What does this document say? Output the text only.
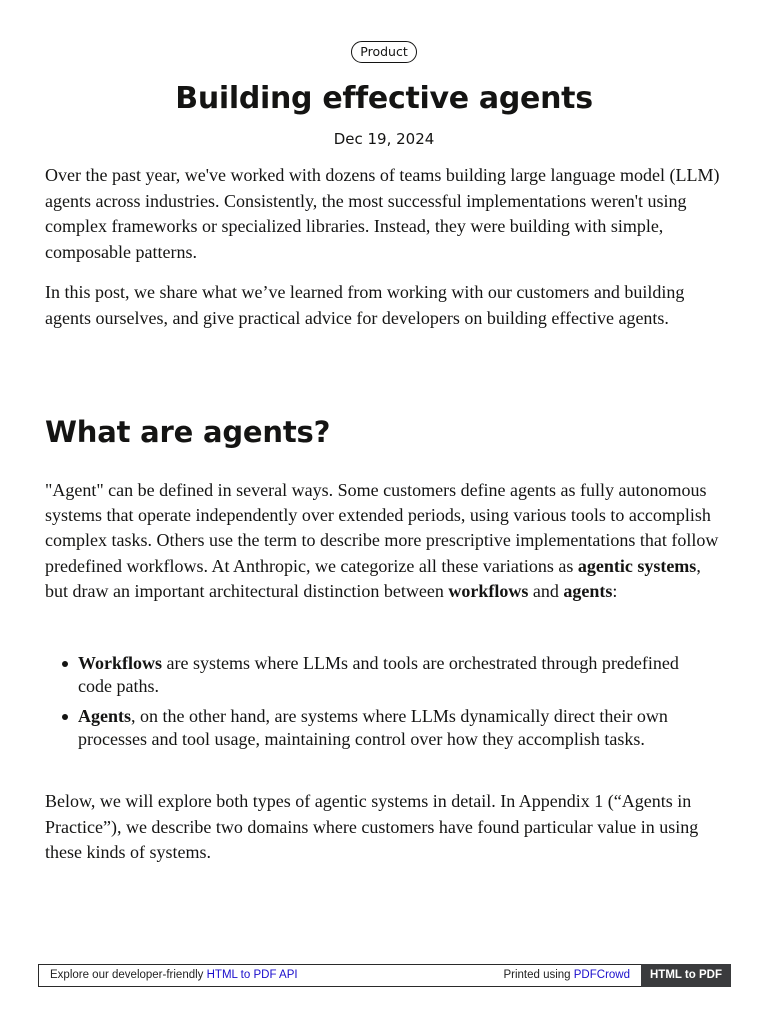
Product
Building effective agents
Dec 19, 2024

Over the past year, we've worked with dozens of teams building large language model (LLM) agents across industries. Consistently, the most successful implementations weren't using complex frameworks or specialized libraries. Instead, they were building with simple, composable patterns.

In this post, we share what we’ve learned from working with our customers and building agents ourselves, and give practical advice for developers on building effective agents.

What are agents?

"Agent" can be defined in several ways. Some customers define agents as fully autonomous systems that operate independently over extended periods, using various tools to accomplish complex tasks. Others use the term to describe more prescriptive implementations that follow predefined workflows. At Anthropic, we categorize all these variations as agentic systems, but draw an important architectural distinction between workflows and agents:

Workflows are systems where LLMs and tools are orchestrated through predefined code paths.
Agents, on the other hand, are systems where LLMs dynamically direct their own processes and tool usage, maintaining control over how they accomplish tasks.

Below, we will explore both types of agentic systems in detail. In Appendix 1 (“Agents in Practice”), we describe two domains where customers have found particular value in using these kinds of systems.

Explore our developer-friendly HTML to PDF API	Printed using PDFCrowd	HTML to PDF
